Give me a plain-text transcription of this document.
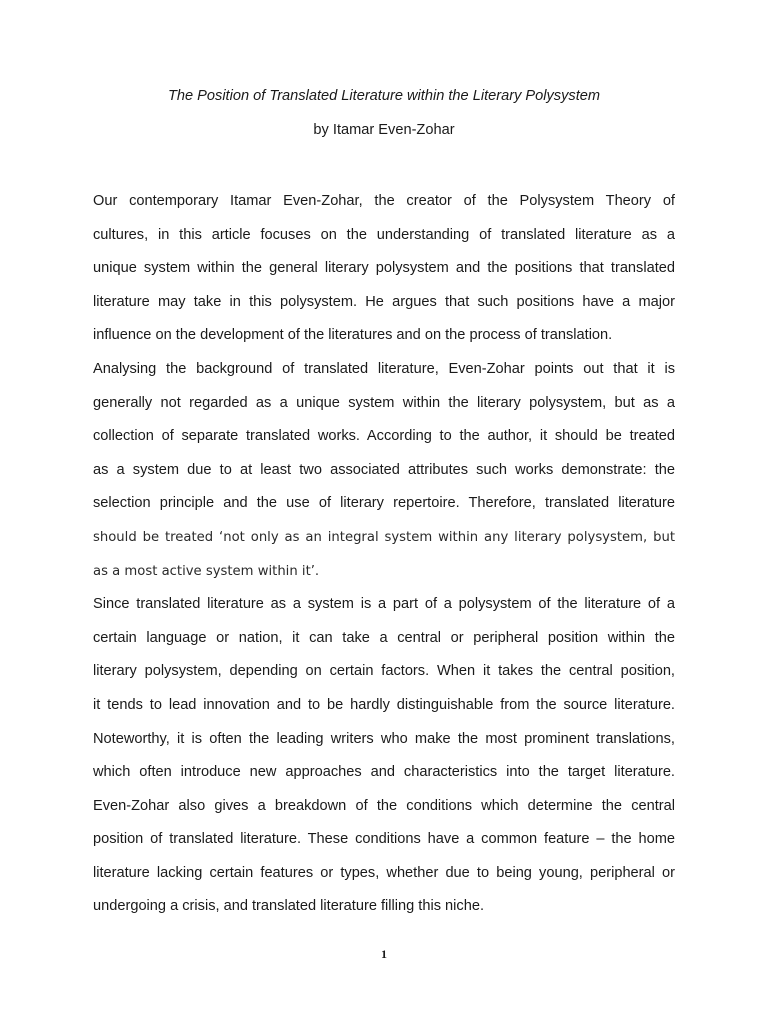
The Position of Translated Literature within the Literary Polysystem
by Itamar Even-Zohar
Our contemporary Itamar Even-Zohar, the creator of the Polysystem Theory of
cultures, in this article focuses on the understanding of translated literature as a
unique system within the general literary polysystem and the positions that translated
literature may take in this polysystem. He argues that such positions have a major
influence on the development of the literatures and on the process of translation.
Analysing the background of translated literature, Even-Zohar points out that it is
generally not regarded as a unique system within the literary polysystem, but as a
collection of separate translated works. According to the author, it should be treated
as a system due to at least two associated attributes such works demonstrate: the
selection principle and the use of literary repertoire. Therefore, translated literature
should be treated ‘not only as an integral system within any literary polysystem, but
as a most active system within it’.
Since translated literature as a system is a part of a polysystem of the literature of a
certain language or nation, it can take a central or peripheral position within the
literary polysystem, depending on certain factors. When it takes the central position,
it tends to lead innovation and to be hardly distinguishable from the source literature.
Noteworthy, it is often the leading writers who make the most prominent translations,
which often introduce new approaches and characteristics into the target literature.
Even-Zohar also gives a breakdown of the conditions which determine the central
position of translated literature. These conditions have a common feature – the home
literature lacking certain features or types, whether due to being young, peripheral or
undergoing a crisis, and translated literature filling this niche.
1
